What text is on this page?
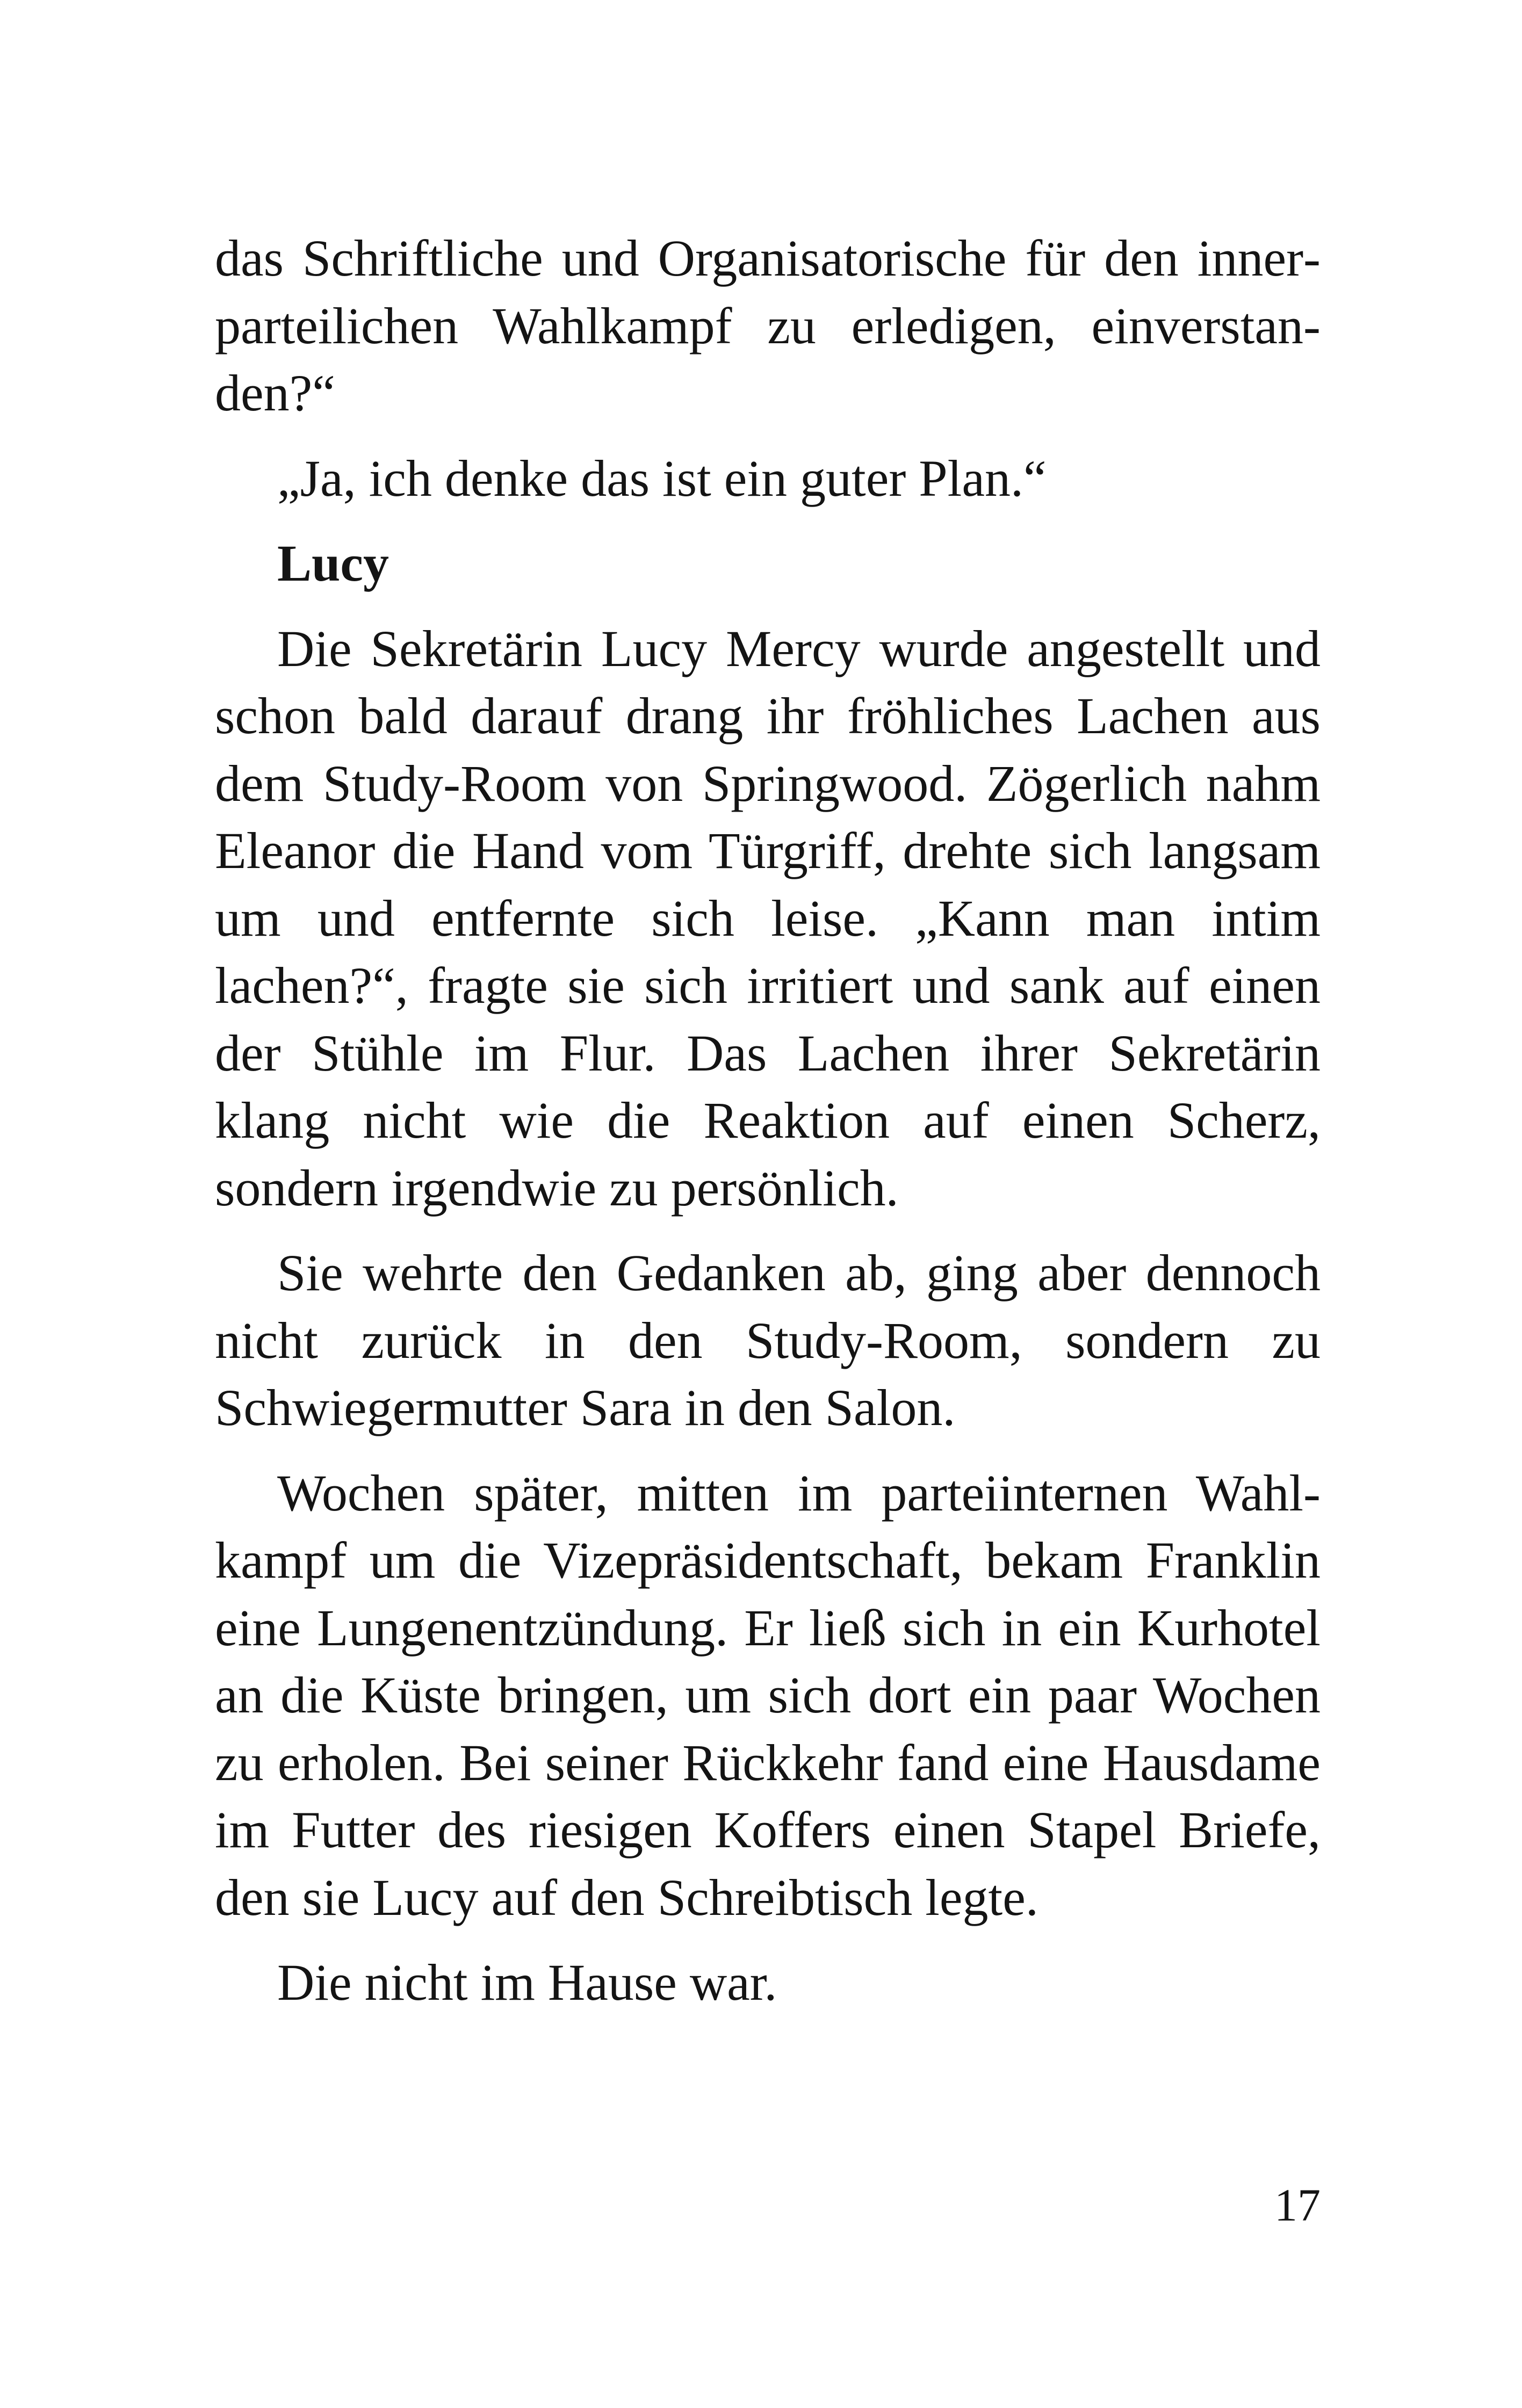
das Schriftliche und Organisatorische für den innerparteilichen Wahlkampf zu erledigen, einverstanden?“

„Ja, ich denke das ist ein guter Plan.“

Lucy

Die Sekretärin Lucy Mercy wurde angestellt und schon bald darauf drang ihr fröhliches Lachen aus dem Study-Room von Springwood. Zögerlich nahm Eleanor die Hand vom Türgriff, drehte sich langsam um und entfernte sich leise. „Kann man intim lachen?“, fragte sie sich irritiert und sank auf einen der Stühle im Flur. Das Lachen ihrer Sekretärin klang nicht wie die Reaktion auf einen Scherz, sondern irgendwie zu persönlich.

Sie wehrte den Gedanken ab, ging aber dennoch nicht zurück in den Study-Room, sondern zu Schwiegermutter Sara in den Salon.

Wochen später, mitten im parteiinternen Wahlkampf um die Vizepräsidentschaft, bekam Franklin eine Lungenentzündung. Er ließ sich in ein Kurhotel an die Küste bringen, um sich dort ein paar Wochen zu erholen. Bei seiner Rückkehr fand eine Hausdame im Futter des riesigen Koffers einen Stapel Briefe, den sie Lucy auf den Schreibtisch legte.

Die nicht im Hause war.

17
